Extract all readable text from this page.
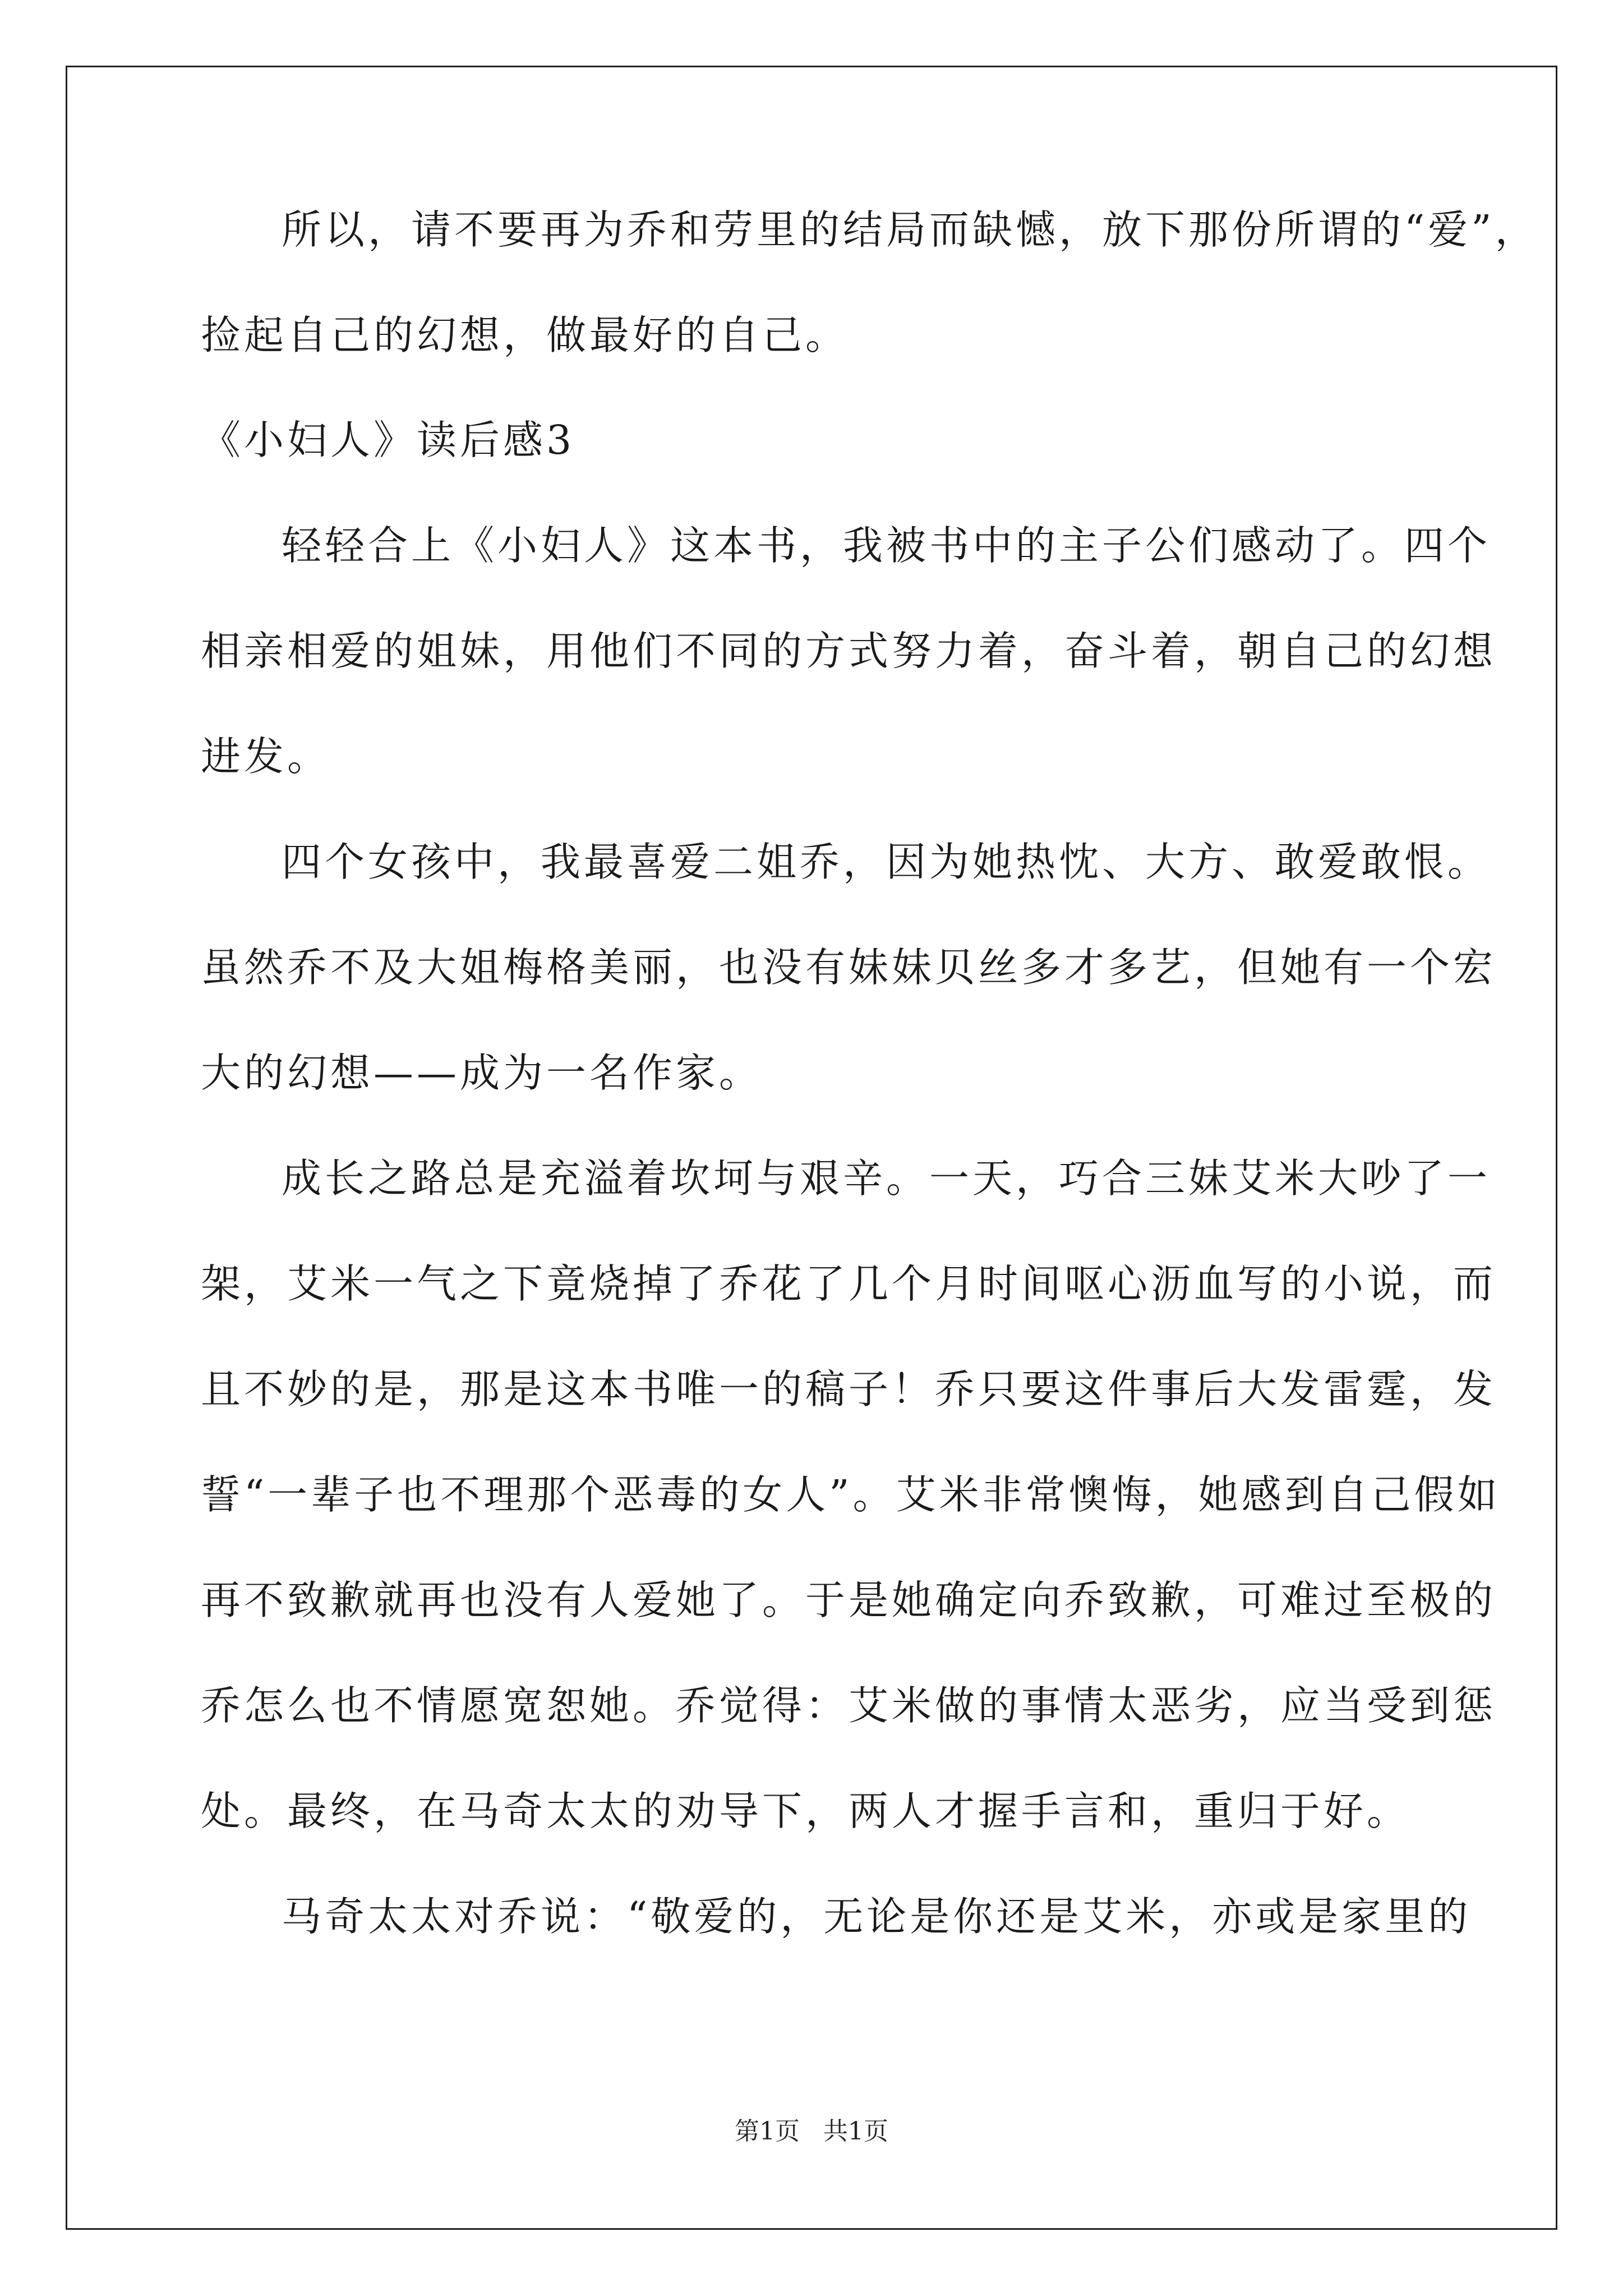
所以，请不要再为乔和劳里的结局而缺憾，放下那份所谓的“爱”，
捡起自己的幻想，做最好的自己。
《小妇人》读后感3
轻轻合上《小妇人》这本书，我被书中的主子公们感动了。四个
相亲相爱的姐妹，用他们不同的方式努力着，奋斗着，朝自己的幻想
进发。
四个女孩中，我最喜爱二姐乔，因为她热忱、大方、敢爱敢恨。
虽然乔不及大姐梅格美丽，也没有妹妹贝丝多才多艺，但她有一个宏
大的幻想——成为一名作家。
成长之路总是充溢着坎坷与艰辛。一天，巧合三妹艾米大吵了一
架，艾米一气之下竟烧掉了乔花了几个月时间呕心沥血写的小说，而
且不妙的是，那是这本书唯一的稿子！乔只要这件事后大发雷霆，发
誓“一辈子也不理那个恶毒的女人”。艾米非常懊悔，她感到自己假如
再不致歉就再也没有人爱她了。于是她确定向乔致歉，可难过至极的
乔怎么也不情愿宽恕她。乔觉得：艾米做的事情太恶劣，应当受到惩
处。最终，在马奇太太的劝导下，两人才握手言和，重归于好。
马奇太太对乔说：“敬爱的，无论是你还是艾米，亦或是家里的
第1页 共1页
